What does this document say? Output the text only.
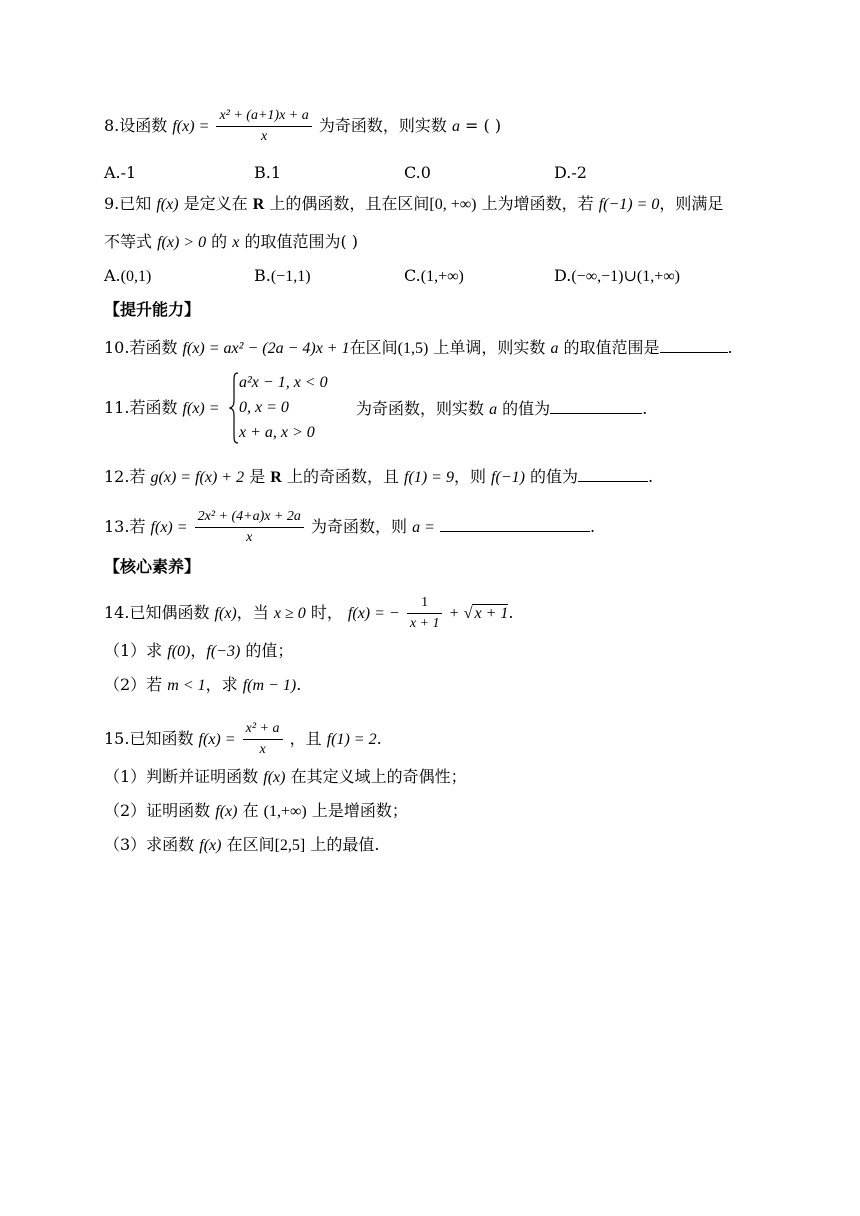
8.设函数 $f(x) = \frac{\text{x² + (a+1)x + a}}{x}$ 为奇函数，则实数 a = ( )
A.-1	B.1	C.0	D.-2
9.已知 f(x) 是定义在 R 上的偶函数，且在区间[0, +∞) 上为增函数，若 f(−1) = 0，则满足
不等式 f(x) > 0 的 x 的取值范围为( )
A.(0,1)	B.(−1,1)	C.(1,+∞)	D.(−∞,−1)∪(1,+∞)
【提升能力】
10.若函数 f(x) = ax² − (2a − 4)x + 1在区间(1,5) 上单调，则实数 a 的取值范围是	.
11.若函数 f(x) =
a²x − 1, x < 0
0, x = 0
x + a, x > 0
为奇函数，则实数 a 的值为	.
12.若 g(x) = f(x) + 2 是 R 上的奇函数，且 f(1) = 9，则 f(−1) 的值为	.
13.若 $f(x) = \frac{\text{2x² + (4+a)x + 2a}}{x}$ 为奇函数，则 a =	.
【核心素养】
14.已知偶函数 f(x)，当 x ≥ 0 时， f(x) = − $\frac{1}{x + 1}$ + √ x + 1.
（1）求 f(0)，f(−3) 的值；
（2）若 m < 1，求 f(m − 1).
15.已知函数 $f(x) = \frac{\text{x² + a}}{x}$ ，且 f(1) = 2.
（1）判断并证明函数 f(x) 在其定义域上的奇偶性；
（2）证明函数 f(x) 在 (1,+∞) 上是增函数；
（3）求函数 f(x) 在区间[2,5] 上的最值.
